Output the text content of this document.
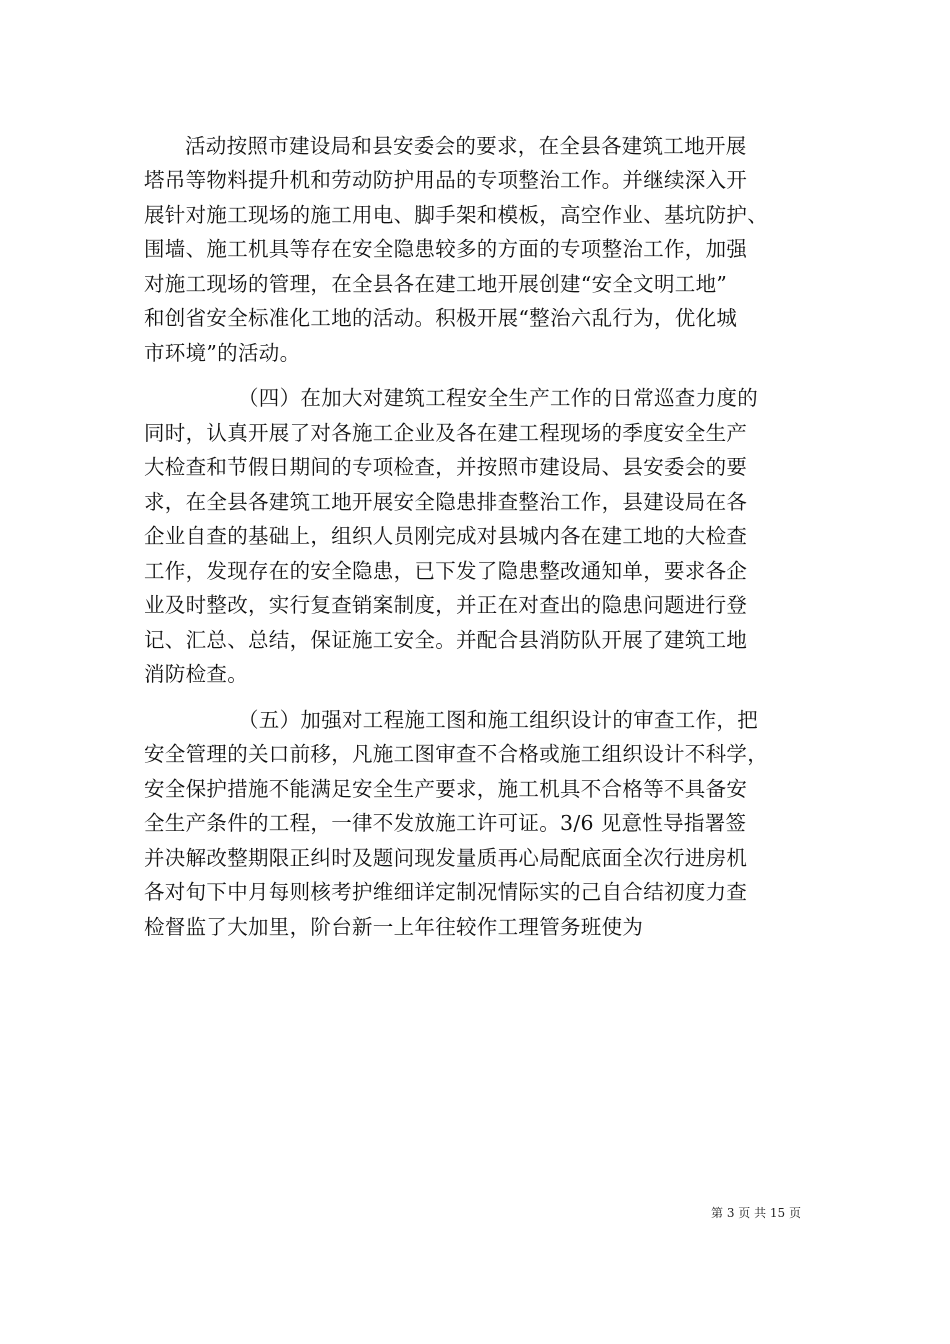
活动按照市建设局和县安委会的要求，在全县各建筑工地开展
塔吊等物料提升机和劳动防护用品的专项整治工作。并继续深入开
展针对施工现场的施工用电、脚手架和模板，高空作业、基坑防护、
围墙、施工机具等存在安全隐患较多的方面的专项整治工作，加强
对施工现场的管理，在全县各在建工地开展创建“安全文明工地”
和创省安全标准化工地的活动。积极开展“整治六乱行为，优化城
市环境”的活动。
（四）在加大对建筑工程安全生产工作的日常巡查力度的
同时，认真开展了对各施工企业及各在建工程现场的季度安全生产
大检查和节假日期间的专项检查，并按照市建设局、县安委会的要
求，在全县各建筑工地开展安全隐患排查整治工作，县建设局在各
企业自查的基础上，组织人员刚完成对县城内各在建工地的大检查
工作，发现存在的安全隐患，已下发了隐患整改通知单，要求各企
业及时整改，实行复查销案制度，并正在对查出的隐患问题进行登
记、汇总、总结，保证施工安全。并配合县消防队开展了建筑工地
消防检查。
（五）加强对工程施工图和施工组织设计的审查工作，把
安全管理的关口前移，凡施工图审查不合格或施工组织设计不科学，
安全保护措施不能满足安全生产要求，施工机具不合格等不具备安
全生产条件的工程，一律不发放施工许可证。3/6 见意性导指署签
并决解改整期限正纠时及题问现发量质再心局配底面全次行进房机
各对旬下中月每则核考护维细详定制况情际实的己自合结初度力查
检督监了大加里，阶台新一上年往较作工理管务班使为
第 3 页 共 15 页
